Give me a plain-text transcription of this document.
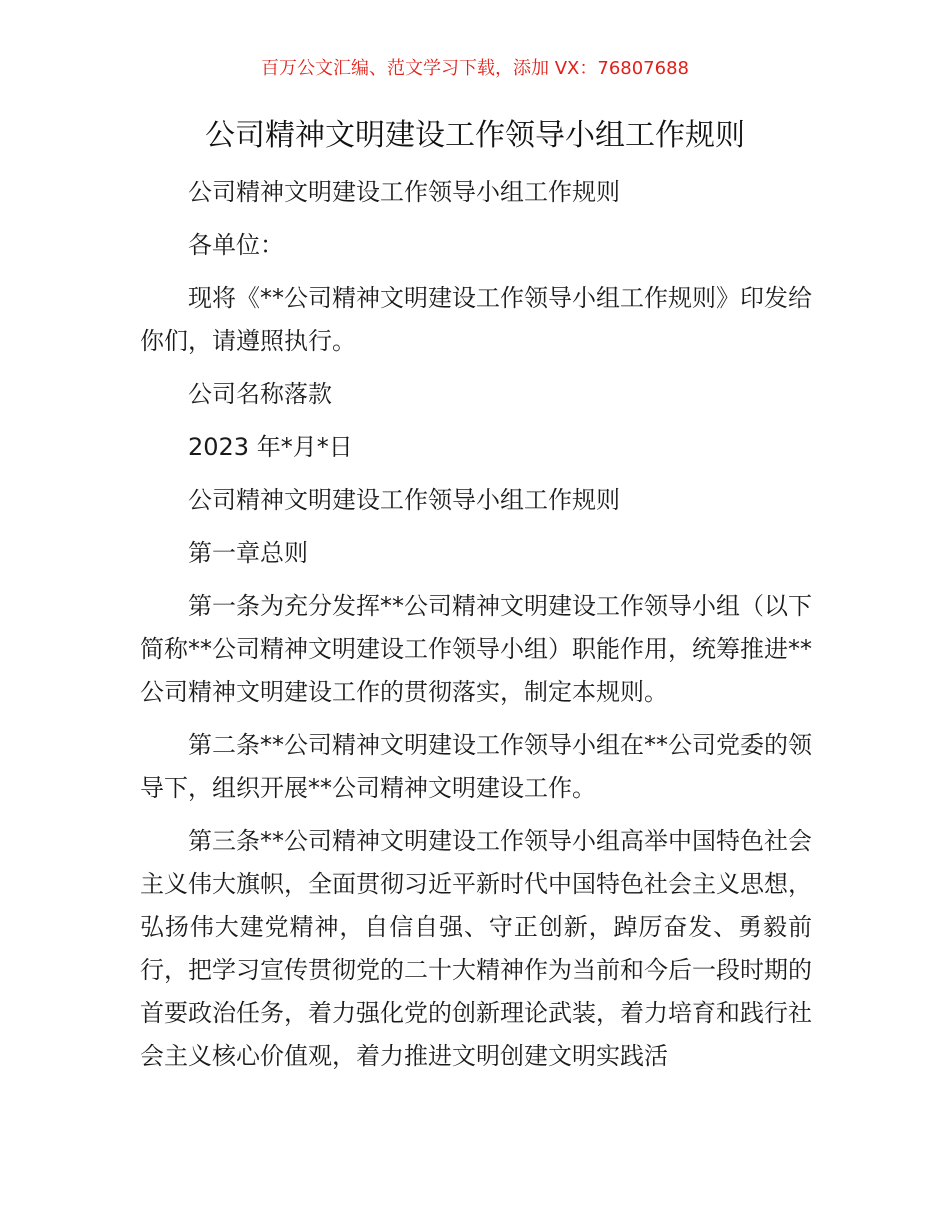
百万公文汇编、范文学习下载，添加 VX：76807688
公司精神文明建设工作领导小组工作规则

公司精神文明建设工作领导小组工作规则

各单位：

现将《**公司精神文明建设工作领导小组工作规则》印发给你们，请遵照执行。

公司名称落款

2023 年*月*日

公司精神文明建设工作领导小组工作规则

第一章总则

第一条为充分发挥**公司精神文明建设工作领导小组（以下简称**公司精神文明建设工作领导小组）职能作用，统筹推进**公司精神文明建设工作的贯彻落实，制定本规则。

第二条**公司精神文明建设工作领导小组在**公司党委的领导下，组织开展**公司精神文明建设工作。

第三条**公司精神文明建设工作领导小组高举中国特色社会主义伟大旗帜，全面贯彻习近平新时代中国特色社会主义思想，弘扬伟大建党精神，自信自强、守正创新，踔厉奋发、勇毅前行，把学习宣传贯彻党的二十大精神作为当前和今后一段时期的首要政治任务，着力强化党的创新理论武装，着力培育和践行社会主义核心价值观，着力推进文明创建文明实践活
